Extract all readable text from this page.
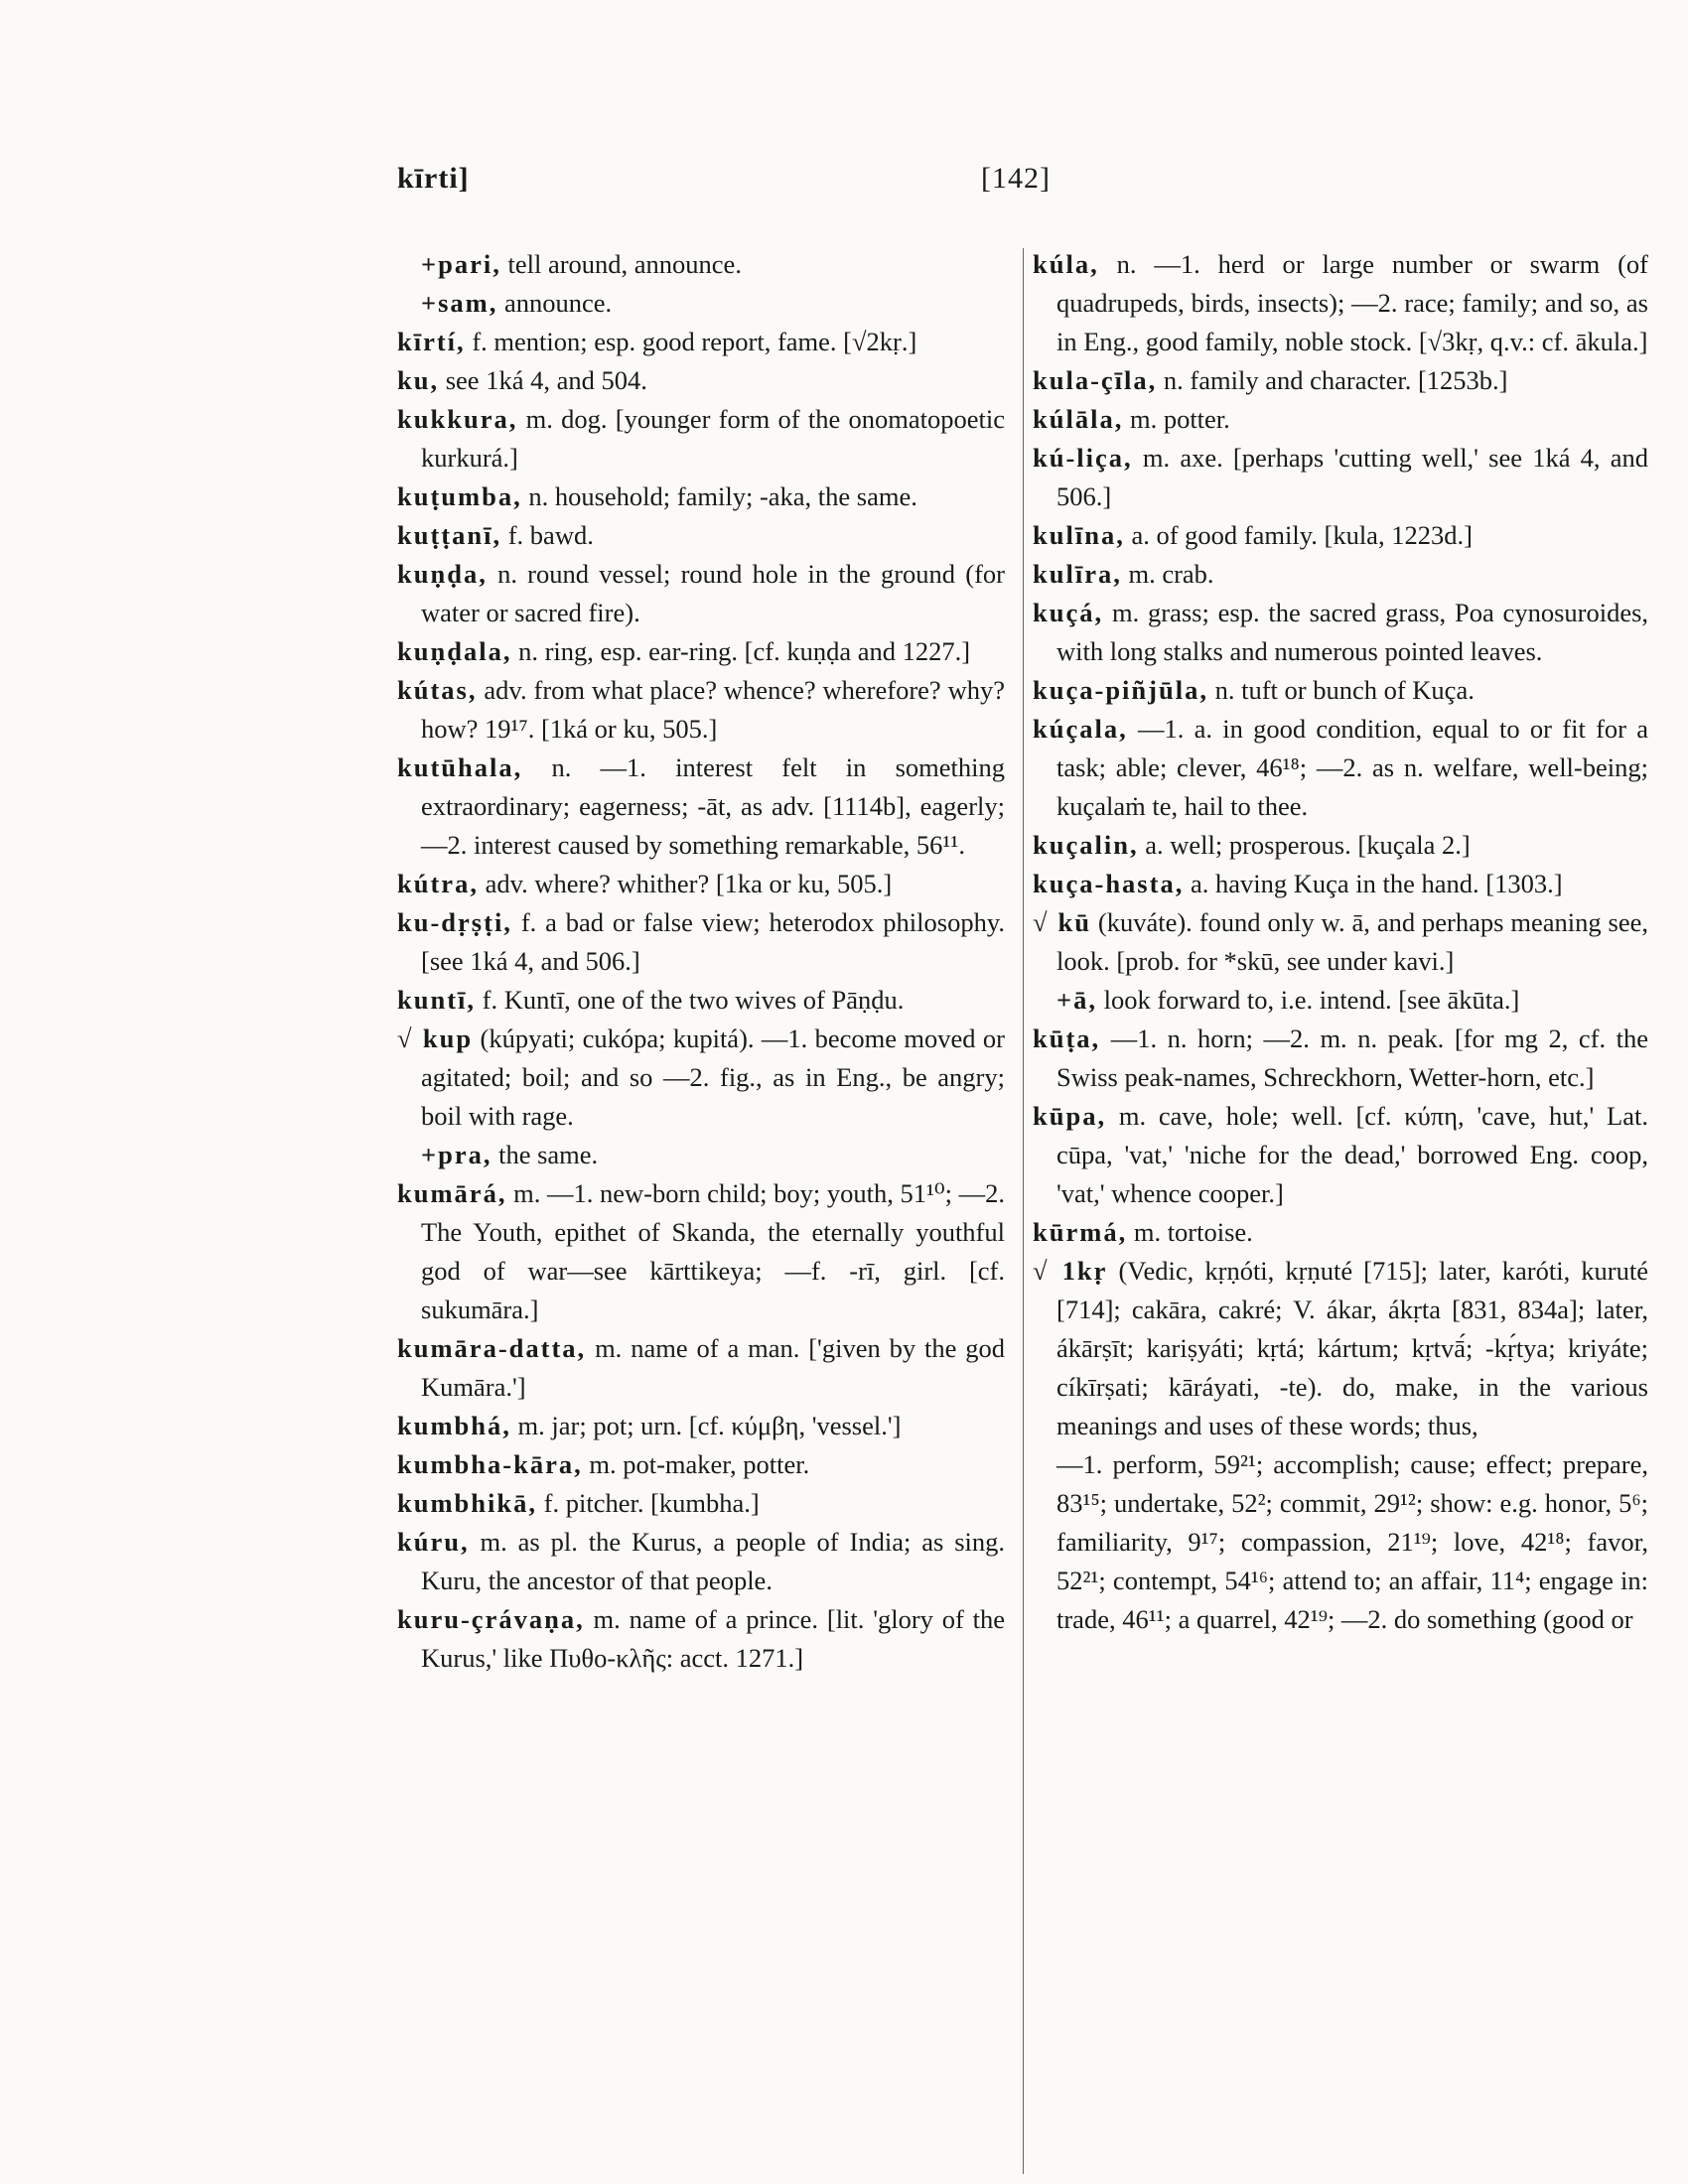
kīrti]	[142]

+pari, tell around, announce.

+sam, announce.

kīrtí, f. mention; esp. good report, fame. [√2kṛ.]

ku, see 1ká 4, and 504.

kukkura, m. dog. [younger form of the onomatopoetic kurkurá.]

kuṭumba, n. household; family; -aka, the same.

kuṭṭanī, f. bawd.

kuṇḍa, n. round vessel; round hole in the ground (for water or sacred fire).

kuṇḍala, n. ring, esp. ear-ring. [cf. kuṇḍa and 1227.]

kútas, adv. from what place? whence? wherefore? why? how? 19¹⁷. [1ká or ku, 505.]

kutūhala, n. —1. interest felt in something extraordinary; eagerness; -āt, as adv. [1114b], eagerly; —2. interest caused by something remarkable, 56¹¹.

kútra, adv. where? whither? [1ka or ku, 505.]

ku-dṛṣṭi, f. a bad or false view; heterodox philosophy. [see 1ká 4, and 506.]

kuntī, f. Kuntī, one of the two wives of Pāṇḍu.

√ kup (kúpyati; cukópa; kupitá). —1. become moved or agitated; boil; and so —2. fig., as in Eng., be angry; boil with rage.

+pra, the same.

kumārá, m. —1. new-born child; boy; youth, 51¹⁰; —2. The Youth, epithet of Skanda, the eternally youthful god of war—see kārttikeya; —f. -rī, girl. [cf. sukumāra.]

kumāra-datta, m. name of a man. ['given by the god Kumāra.']

kumbhá, m. jar; pot; urn. [cf. κύμβη, 'vessel.']

kumbha-kāra, m. pot-maker, potter.

kumbhikā, f. pitcher. [kumbha.]

kúru, m. as pl. the Kurus, a people of India; as sing. Kuru, the ancestor of that people.

kuru-çrávaṇa, m. name of a prince. [lit. 'glory of the Kurus,' like Πυθο-κλῆς: acct. 1271.]

kúla, n. —1. herd or large number or swarm (of quadrupeds, birds, insects); —2. race; family; and so, as in Eng., good family, noble stock. [√3kṛ, q.v.: cf. ākula.]

kula-çīla, n. family and character. [1253b.]

kúlāla, m. potter.

kú-liça, m. axe. [perhaps 'cutting well,' see 1ká 4, and 506.]

kulīna, a. of good family. [kula, 1223d.]

kulīra, m. crab.

kuçá, m. grass; esp. the sacred grass, Poa cynosuroides, with long stalks and numerous pointed leaves.

kuça-piñjūla, n. tuft or bunch of Kuça.

kúçala, —1. a. in good condition, equal to or fit for a task; able; clever, 46¹⁸; —2. as n. welfare, well-being; kuçalaṁ te, hail to thee.

kuçalin, a. well; prosperous. [kuçala 2.]

kuça-hasta, a. having Kuça in the hand. [1303.]

√ kū (kuváte). found only w. ā, and perhaps meaning see, look. [prob. for *skū, see under kavi.]

+ā, look forward to, i.e. intend. [see ākūta.]

kūṭa, —1. n. horn; —2. m. n. peak. [for mg 2, cf. the Swiss peak-names, Schreckhorn, Wetter-horn, etc.]

kūpa, m. cave, hole; well. [cf. κύπη, 'cave, hut,' Lat. cūpa, 'vat,' 'niche for the dead,' borrowed Eng. coop, 'vat,' whence cooper.]

kūrmá, m. tortoise.

√ 1kṛ (Vedic, kṛṇóti, kṛṇuté [715]; later, karóti, kuruté [714]; cakāra, cakré; V. ákar, ákṛta [831, 834a]; later, ákārṣīt; kariṣyáti; kṛtá; kártum; kṛtvā́; -kṛ́tya; kriyáte; cíkīrṣati; kāráyati, -te). do, make, in the various meanings and uses of these words; thus,

—1. perform, 59²¹; accomplish; cause; effect; prepare, 83¹⁵; undertake, 52²; commit, 29¹²; show: e.g. honor, 5⁶; familiarity, 9¹⁷; compassion, 21¹⁹; love, 42¹⁸; favor, 52²¹; contempt, 54¹⁶; attend to; an affair, 11⁴; engage in: trade, 46¹¹; a quarrel, 42¹⁹; —2. do something (good or
